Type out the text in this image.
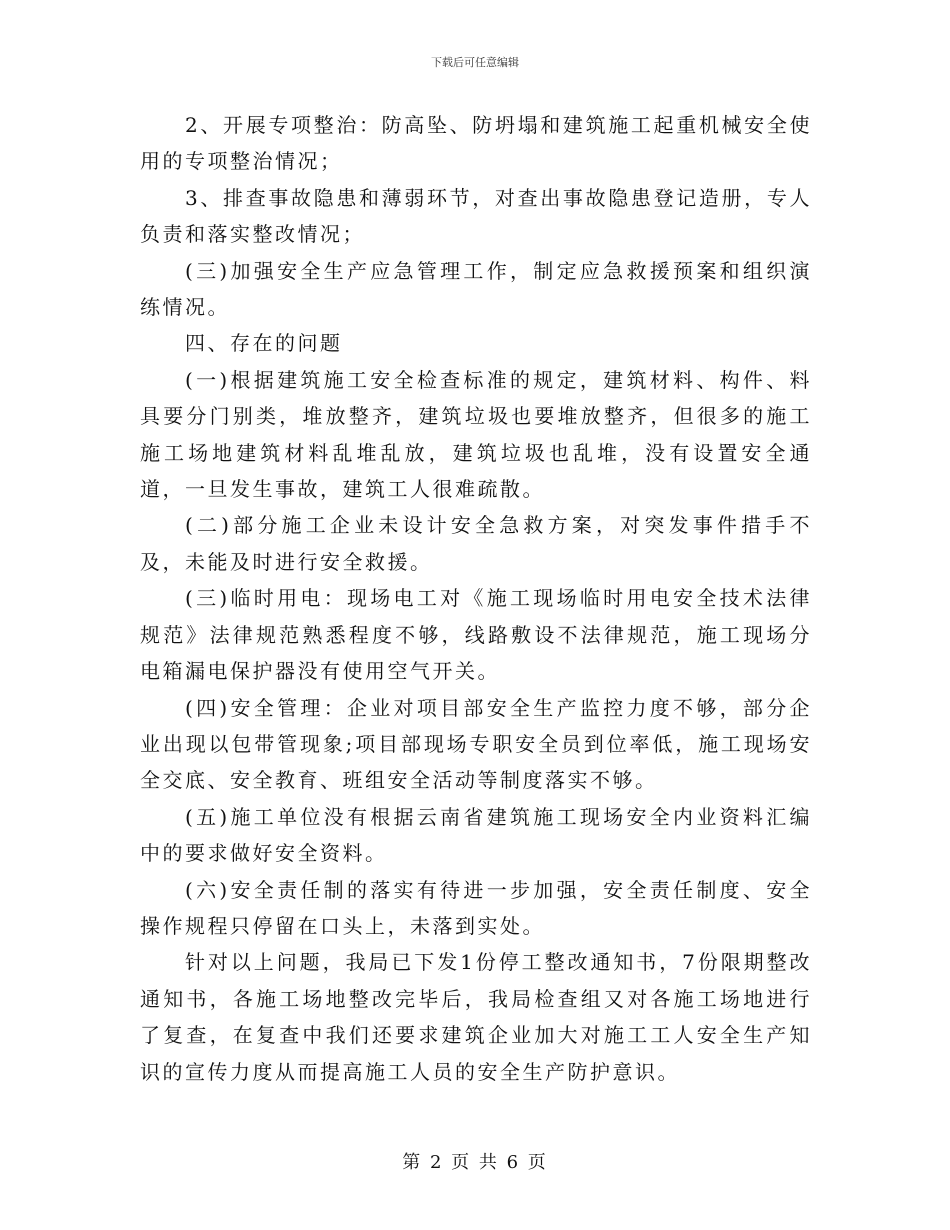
下载后可任意编辑

2、开展专项整治：防高坠、防坍塌和建筑施工起重机械安全使用的专项整治情况；

3、排查事故隐患和薄弱环节，对查出事故隐患登记造册，专人负责和落实整改情况；

(三)加强安全生产应急管理工作，制定应急救援预案和组织演练情况。

四、存在的问题

(一)根据建筑施工安全检查标准的规定，建筑材料、构件、料具要分门别类，堆放整齐，建筑垃圾也要堆放整齐，但很多的施工施工场地建筑材料乱堆乱放，建筑垃圾也乱堆，没有设置安全通道，一旦发生事故，建筑工人很难疏散。

(二)部分施工企业未设计安全急救方案，对突发事件措手不及，未能及时进行安全救援。

(三)临时用电：现场电工对《施工现场临时用电安全技术法律规范》法律规范熟悉程度不够，线路敷设不法律规范，施工现场分电箱漏电保护器没有使用空气开关。

(四)安全管理：企业对项目部安全生产监控力度不够，部分企业出现以包带管现象;项目部现场专职安全员到位率低，施工现场安全交底、安全教育、班组安全活动等制度落实不够。

(五)施工单位没有根据云南省建筑施工现场安全内业资料汇编中的要求做好安全资料。

(六)安全责任制的落实有待进一步加强，安全责任制度、安全操作规程只停留在口头上，未落到实处。

针对以上问题，我局已下发1份停工整改通知书，7份限期整改通知书，各施工场地整改完毕后，我局检查组又对各施工场地进行了复查，在复查中我们还要求建筑企业加大对施工工人安全生产知识的宣传力度从而提高施工人员的安全生产防护意识。

第 2 页 共 6 页
